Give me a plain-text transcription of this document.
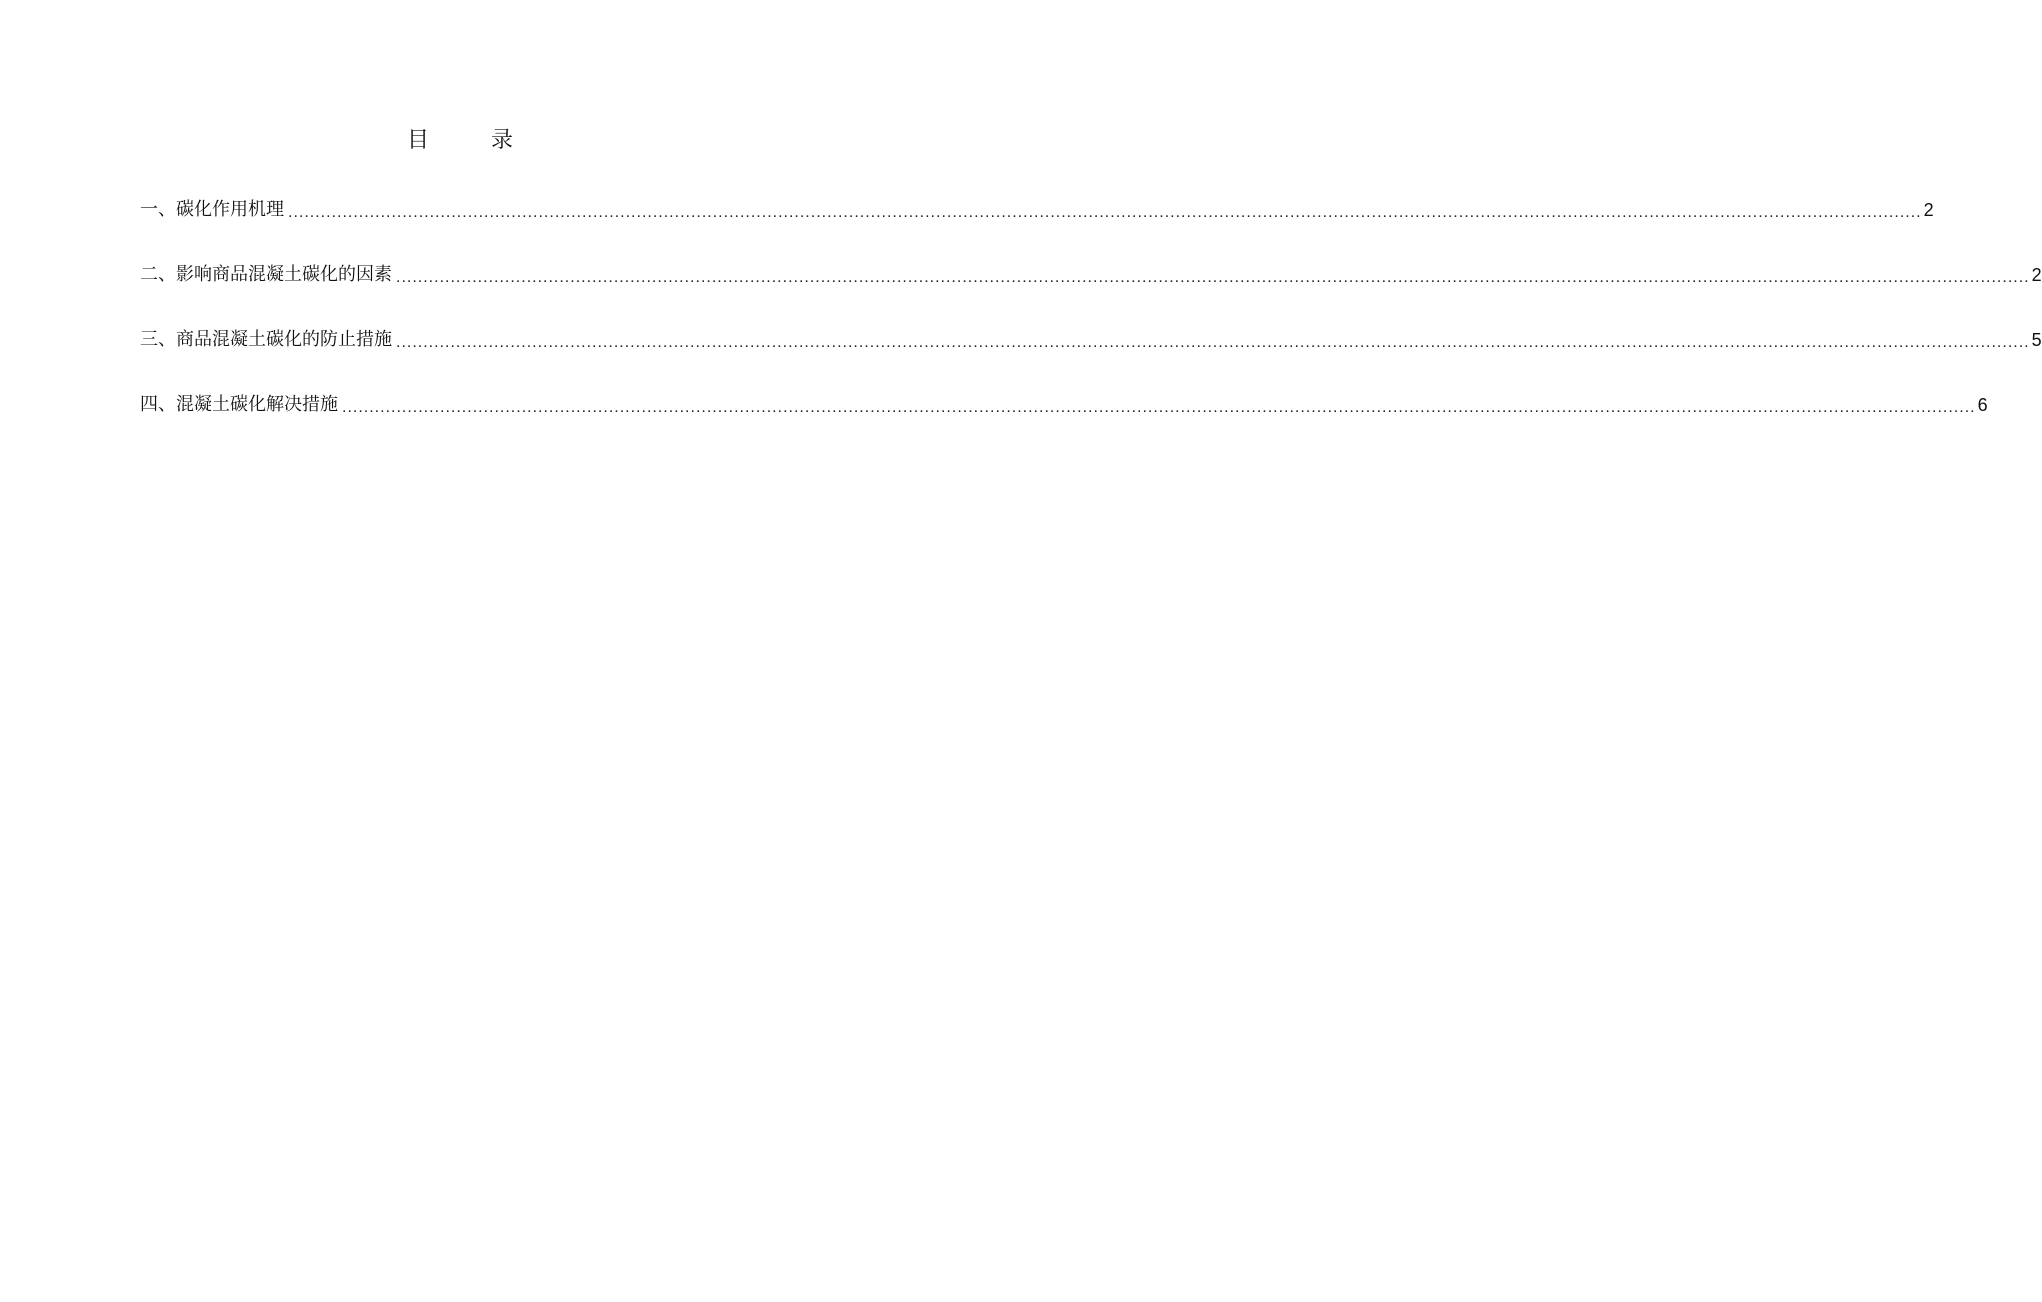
目	录
一、碳化作用机理 ............................................................................................................................................................................................................................................................................................................ 2
二、影响商品混凝土碳化的因素 ............................................................................................................................................................................................................................................................................................................ 2
三、商品混凝土碳化的防止措施 ............................................................................................................................................................................................................................................................................................................ 5
四、混凝土碳化解决措施 ............................................................................................................................................................................................................................................................................................................ 6
